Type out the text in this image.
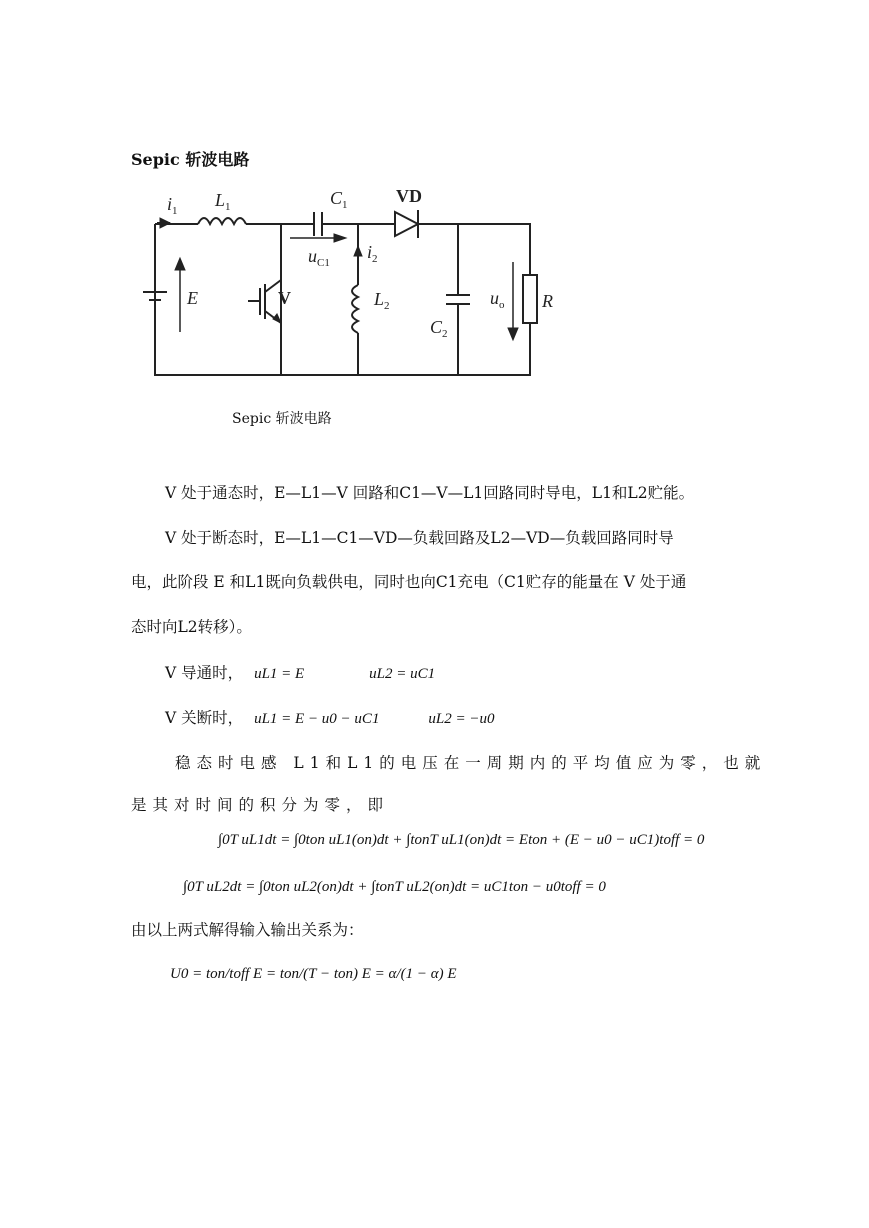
Sepic 斩波电路
$i_1$
$L_1$	$C_1$	VD
$u_{C1}$
$i_2$
$L_2$
E	V
$C_2$
$u_o$ R
Sepic 斩波电路
V 处于通态时，E—L1—V 回路和C1—V—L1回路同时导电，L1和L2贮能。
V 处于断态时，E—L1—C1—VD—负载回路及L2—VD—负载回路同时导
电，此阶段 E 和L1既向负载供电，同时也向C1充电（C1贮存的能量在 V 处于通
态时向L2转移）。
V 导通时， uL1 = E	uL2 = uC1
V 关断时， uL1 = E − u0 − uC1	uL2 = −u0
稳态时电感 L1和L1的电压在一周期内的平均值应为零，也就
是其对时间的积分为零，即
∫0T uL1dt = ∫0ton uL1(on)dt + ∫tonT uL1(on)dt = Eton + (E − u0 − uC1)toff = 0
∫0T uL2dt = ∫0ton uL2(on)dt + ∫tonT uL2(on)dt = uC1ton − u0toff = 0
由以上两式解得输入输出关系为：
U0 = ton/toff E = ton/(T − ton) E = α/(1 − α) E
